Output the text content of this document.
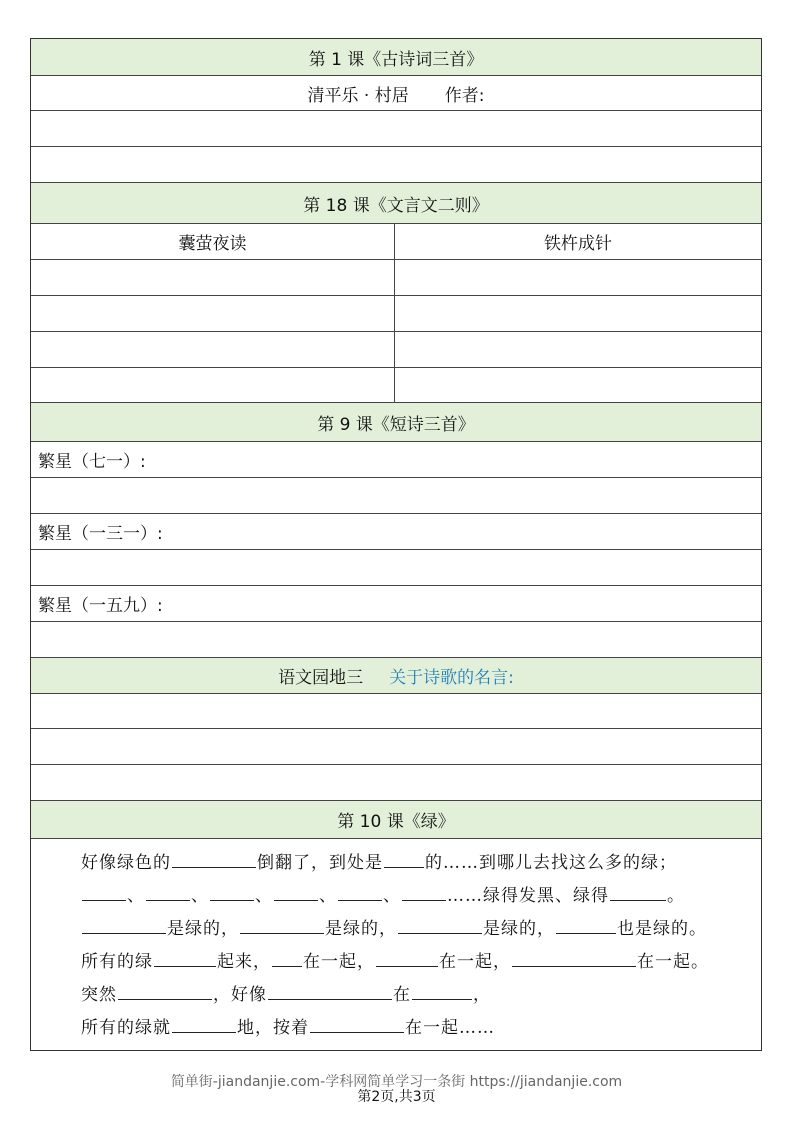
第 1 课《古诗词三首》
清平乐 · 村居 作者:
第 18 课《文言文二则》
囊萤夜读	铁杵成针
第 9 课《短诗三首》
繁星（七一）:
繁星（一三一）:
繁星（一五九）:
语文园地三 关于诗歌的名言:
第 10 课《绿》
好像绿色的	倒翻了，到处是 的……到哪儿去找这么多的绿；
、	、	、	、	、	……绿得发黑、绿得	。
是绿的，	是绿的，	是绿的，	也是绿的。
所有的绿	起来， 在一起，	在一起，	在一起。
突然	，好像	在	，
所有的绿就	地，按着	在一起……
简单街-jiandanjie.com-学科网简单学习一条街 https://jiandanjie.com
第2页,共3页
